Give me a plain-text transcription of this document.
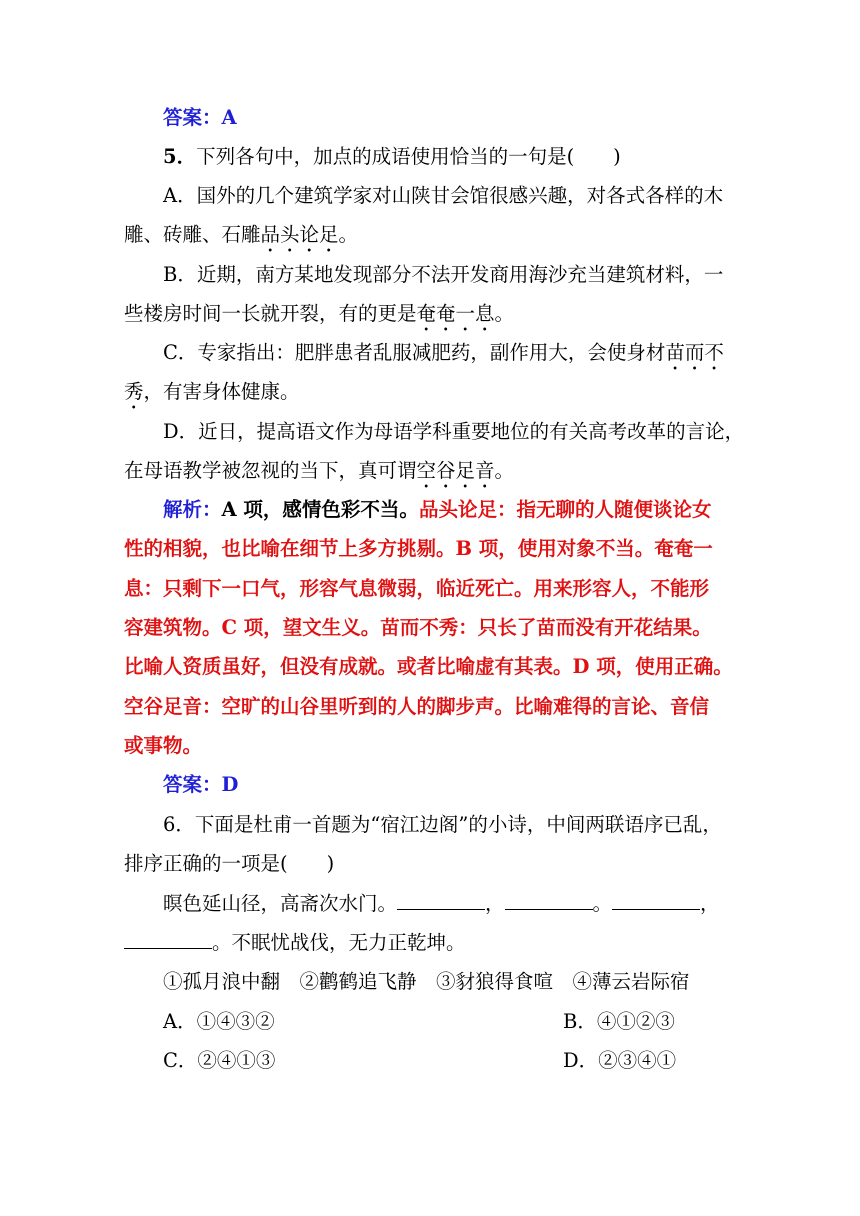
答案：A
5．下列各句中，加点的成语使用恰当的一句是(　　)
A．国外的几个建筑学家对山陕甘会馆很感兴趣，对各式各样的木
雕、砖雕、石雕品头论足。
B．近期，南方某地发现部分不法开发商用海沙充当建筑材料，一
些楼房时间一长就开裂，有的更是奄奄一息。
C．专家指出：肥胖患者乱服减肥药，副作用大，会使身材苗而不
秀，有害身体健康。
D．近日，提高语文作为母语学科重要地位的有关高考改革的言论，
在母语教学被忽视的当下，真可谓空谷足音。
解析：A 项，感情色彩不当。品头论足：指无聊的人随便谈论女
性的相貌，也比喻在细节上多方挑剔。B 项，使用对象不当。奄奄一
息：只剩下一口气，形容气息微弱，临近死亡。用来形容人，不能形
容建筑物。C 项，望文生义。苗而不秀：只长了苗而没有开花结果。
比喻人资质虽好，但没有成就。或者比喻虚有其表。D 项，使用正确。
空谷足音：空旷的山谷里听到的人的脚步声。比喻难得的言论、音信
或事物。
答案：D
6．下面是杜甫一首题为“宿江边阁”的小诗，中间两联语序已乱，
排序正确的一项是(　　)
暝色延山径，高斋次水门。	，	。	，
。不眠忧战伐，无力正乾坤。
①孤月浪中翻　②鹳鹤追飞静　③豺狼得食喧　④薄云岩际宿
A．①④③②	B．④①②③
C．②④①③	D．②③④①
